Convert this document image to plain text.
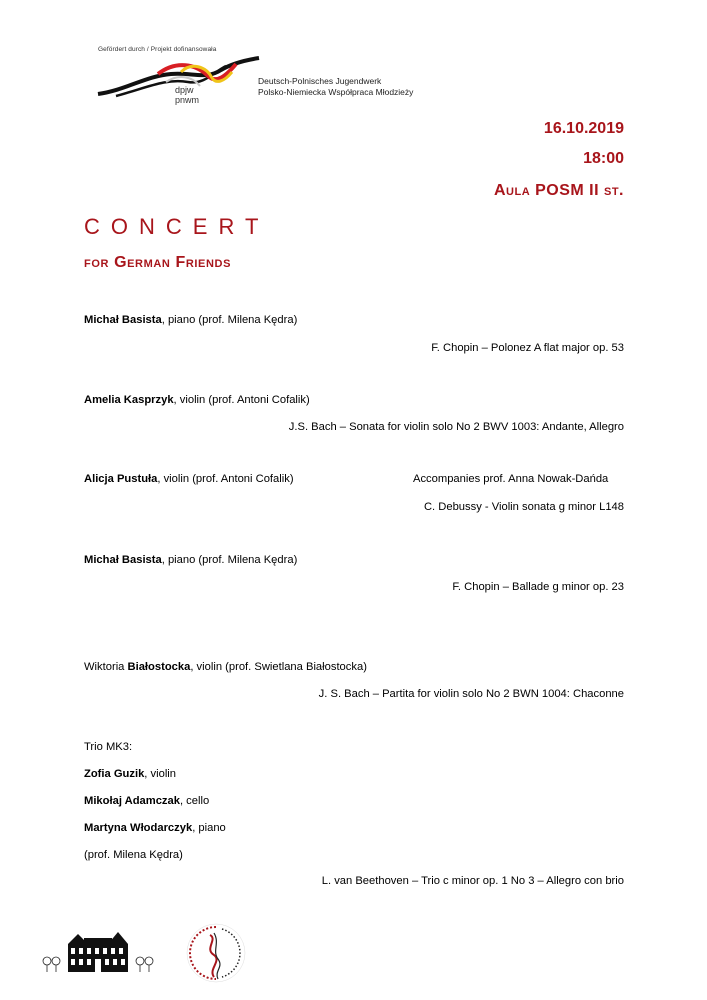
Gefördert durch / Projekt dofinansowała
dpjw
pnwm
Deutsch-Polnisches Jugendwerk
Polsko-Niemiecka Współpraca Młodzieży
16.10.2019
18:00
Aula POSM II st.
CONCERT
for German Friends
Michał Basista, piano (prof. Milena Kędra)
F. Chopin – Polonez A flat major op. 53
Amelia Kasprzyk, violin (prof. Antoni Cofalik)
J.S. Bach – Sonata for violin solo No 2 BWV 1003: Andante, Allegro
Alicja Pustuła, violin (prof. Antoni Cofalik)	Accompanies prof. Anna Nowak-Dańda
C. Debussy - Violin sonata g minor L148
Michał Basista, piano (prof. Milena Kędra)
F. Chopin – Ballade g minor op. 23
Wiktoria Białostocka, violin (prof. Swietlana Białostocka)
J. S. Bach – Partita for violin solo No 2 BWN 1004: Chaconne
Trio MK3:
Zofia Guzik, violin
Mikołaj Adamczak, cello
Martyna Włodarczyk, piano
(prof. Milena Kędra)
L. van Beethoven – Trio c minor op. 1 No 3 – Allegro con brio
